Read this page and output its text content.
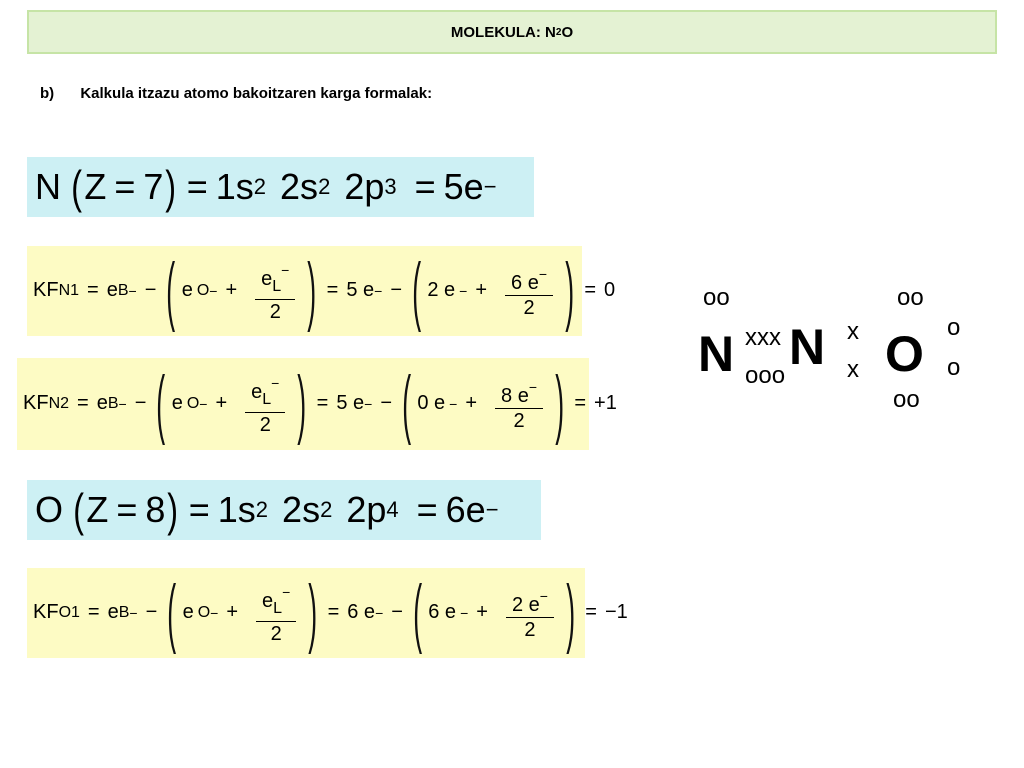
MOLEKULA: N 2 O
b) Kalkula itzazu atomo bakoitzaren karga formalak:
N ( Z = 7 ) = 1s 2 2s 2 2p 3 = 5e −
KF N1 = e B − − ( e O − + $\frac{e_L^-}{2}$ ) = 5 e − − ( 2 e − + $\frac{6 e^-}{2}$ ) = 0
KF N2 = e B − − ( e O − + $\frac{e_L^-}{2}$ ) = 5 e − − ( 0 e − + $\frac{8 e^-}{2}$ ) = +1
O ( Z = 8 ) = 1s 2 2s 2 2p 4 = 6e −
KF O1 = e B − − ( e O − + $\frac{e_L^-}{2}$ ) = 6 e − − ( 6 e − + $\frac{2 e^-}{2}$ ) = −1
oo	oo
N xxx
ooo
N x
x O o
o
oo
